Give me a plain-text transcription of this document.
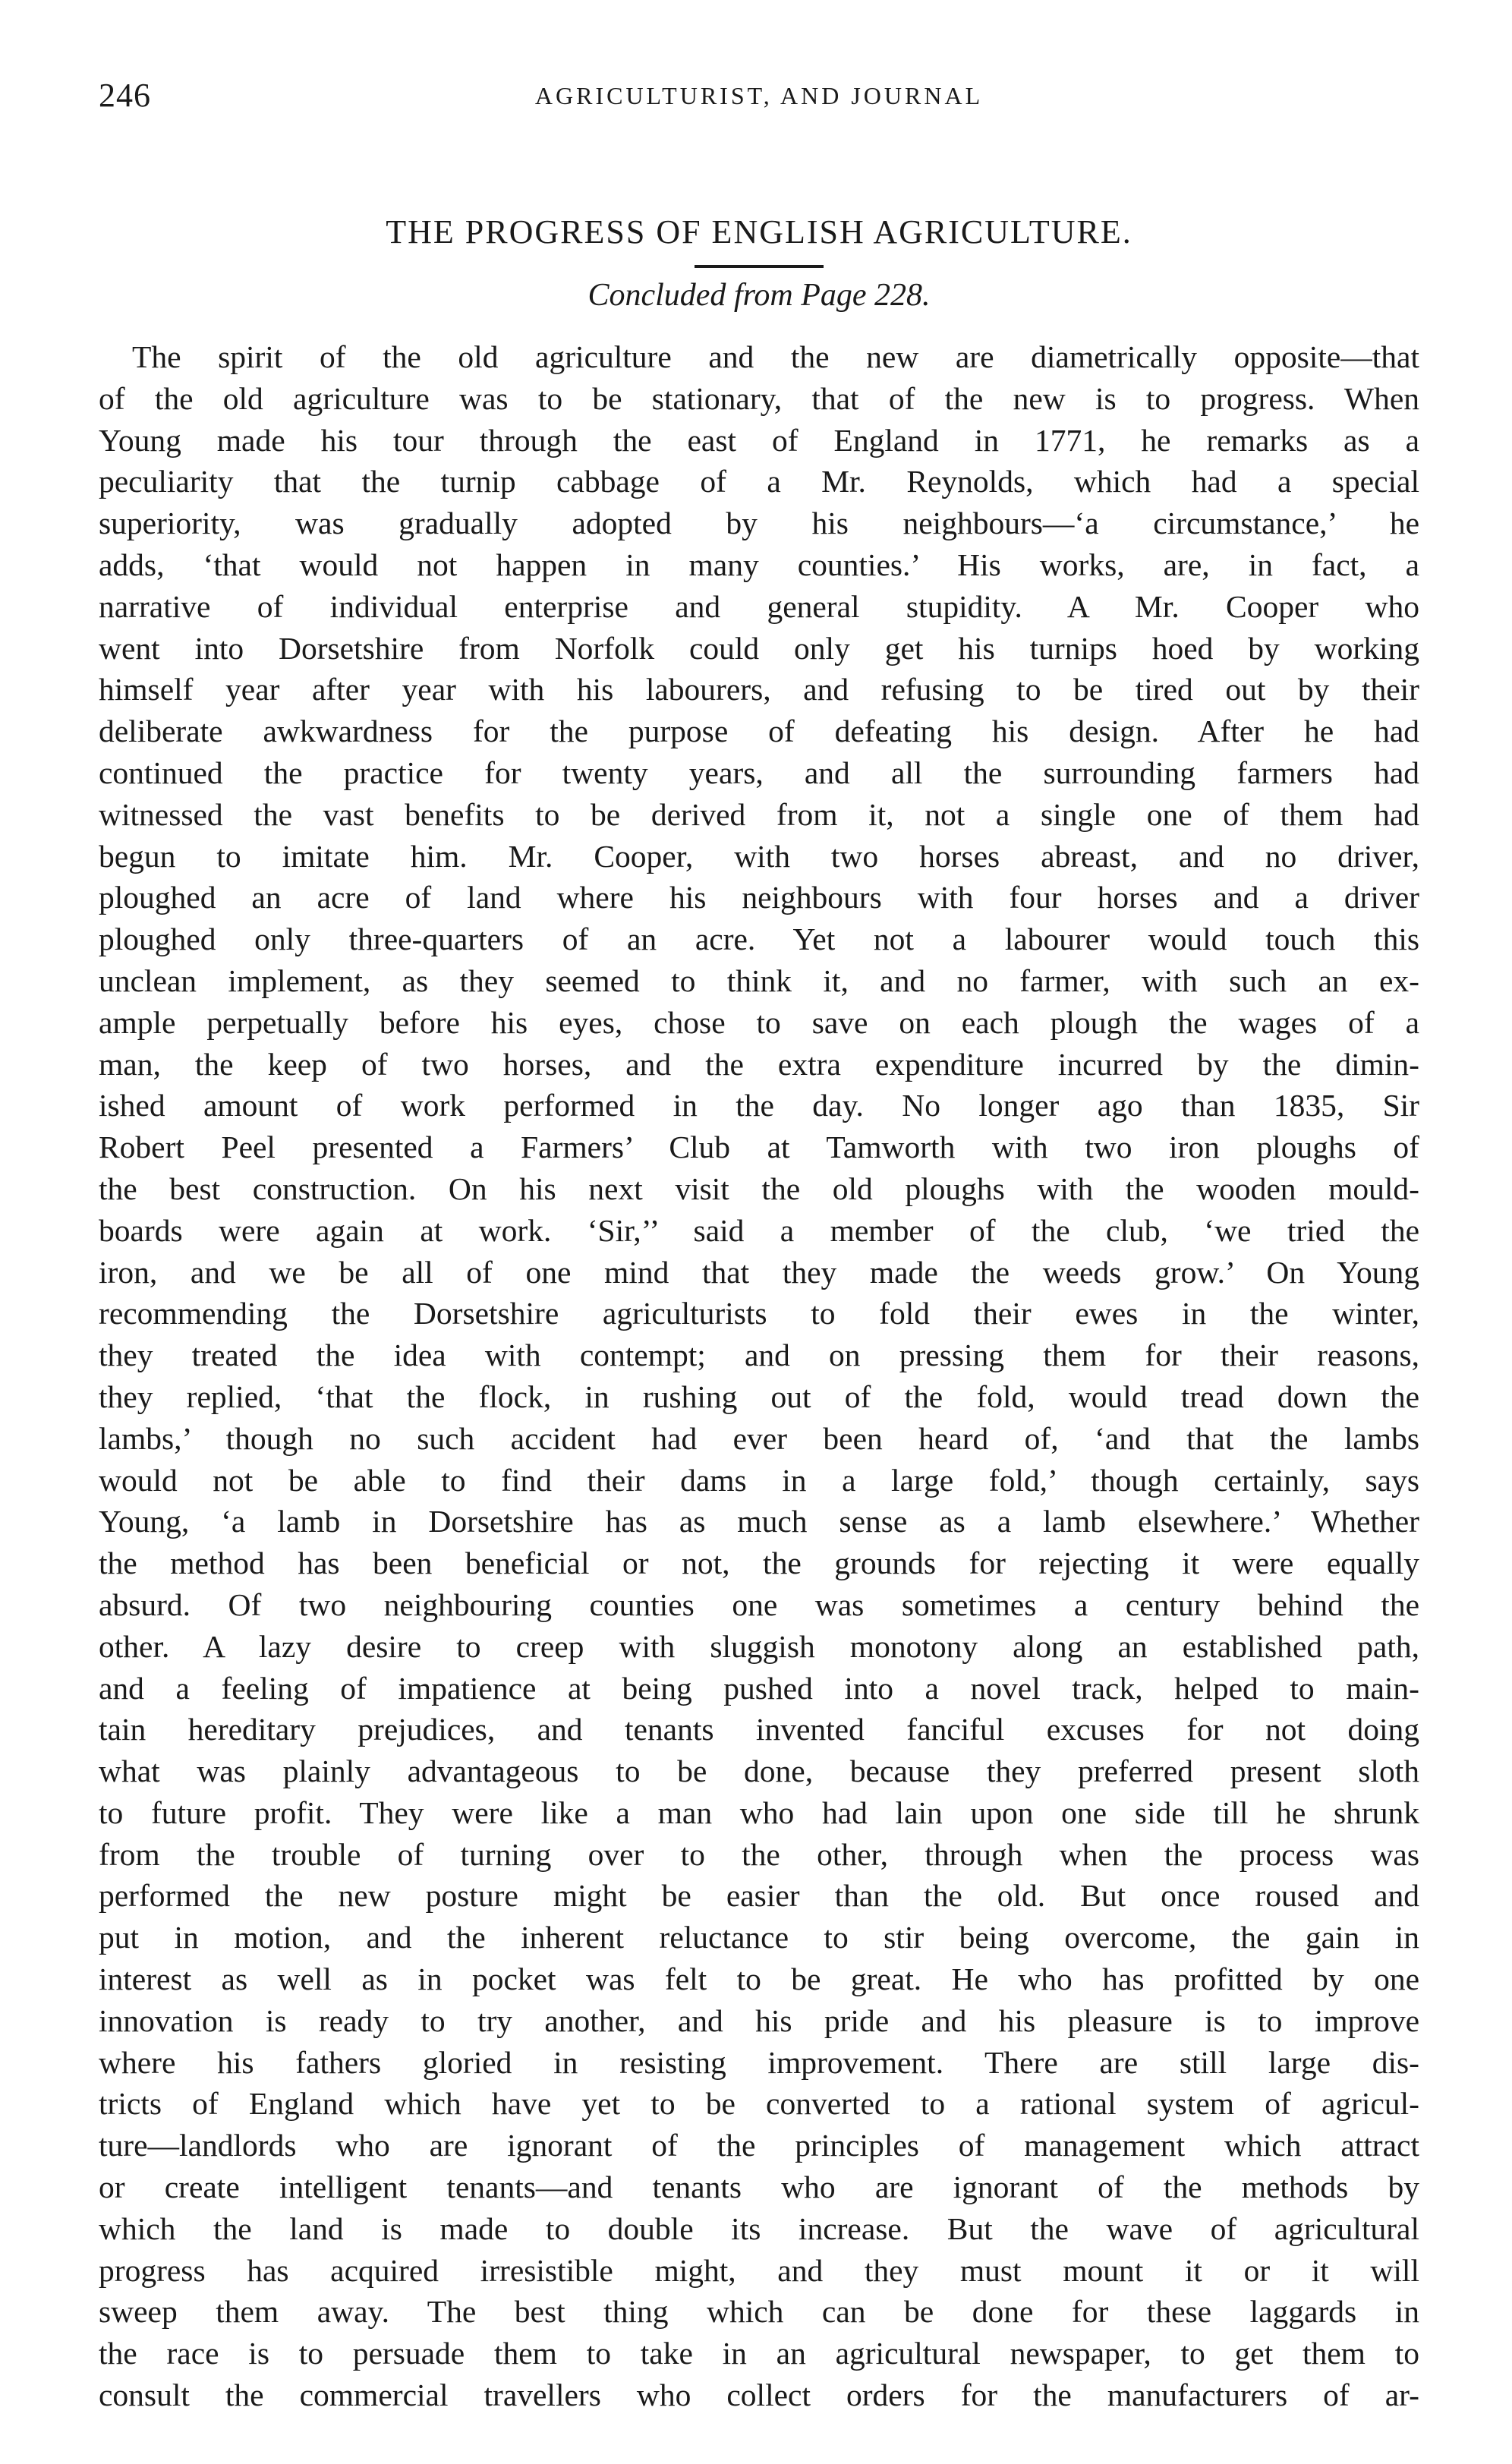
246	AGRICULTURIST, AND JOURNAL
THE PROGRESS OF ENGLISH AGRICULTURE.
Concluded from Page 228.
The spirit of the old agriculture and the new are diametrically opposite—that
of the old agriculture was to be stationary, that of the new is to progress. When
Young made his tour through the east of England in 1771, he remarks as a
peculiarity that the turnip cabbage of a Mr. Reynolds, which had a special
superiority, was gradually adopted by his neighbours—‘a circumstance,’ he
adds, ‘that would not happen in many counties.’ His works, are, in fact, a
narrative of individual enterprise and general stupidity. A Mr. Cooper who
went into Dorsetshire from Norfolk could only get his turnips hoed by working
himself year after year with his labourers, and refusing to be tired out by their
deliberate awkwardness for the purpose of defeating his design. After he had
continued the practice for twenty years, and all the surrounding farmers had
witnessed the vast benefits to be derived from it, not a single one of them had
begun to imitate him. Mr. Cooper, with two horses abreast, and no driver,
ploughed an acre of land where his neighbours with four horses and a driver
ploughed only three-quarters of an acre. Yet not a labourer would touch this
unclean implement, as they seemed to think it, and no farmer, with such an ex-
ample perpetually before his eyes, chose to save on each plough the wages of a
man, the keep of two horses, and the extra expenditure incurred by the dimin-
ished amount of work performed in the day. No longer ago than 1835, Sir
Robert Peel presented a Farmers’ Club at Tamworth with two iron ploughs of
the best construction. On his next visit the old ploughs with the wooden mould-
boards were again at work. ‘Sir,’’ said a member of the club, ‘we tried the
iron, and we be all of one mind that they made the weeds grow.’ On Young
recommending the Dorsetshire agriculturists to fold their ewes in the winter,
they treated the idea with contempt; and on pressing them for their reasons,
they replied, ‘that the flock, in rushing out of the fold, would tread down the
lambs,’ though no such accident had ever been heard of, ‘and that the lambs
would not be able to find their dams in a large fold,’ though certainly, says
Young, ‘a lamb in Dorsetshire has as much sense as a lamb elsewhere.’ Whether
the method has been beneficial or not, the grounds for rejecting it were equally
absurd. Of two neighbouring counties one was sometimes a century behind the
other. A lazy desire to creep with sluggish monotony along an established path,
and a feeling of impatience at being pushed into a novel track, helped to main-
tain hereditary prejudices, and tenants invented fanciful excuses for not doing
what was plainly advantageous to be done, because they preferred present sloth
to future profit. They were like a man who had lain upon one side till he shrunk
from the trouble of turning over to the other, through when the process was
performed the new posture might be easier than the old. But once roused and
put in motion, and the inherent reluctance to stir being overcome, the gain in
interest as well as in pocket was felt to be great. He who has profitted by one
innovation is ready to try another, and his pride and his pleasure is to improve
where his fathers gloried in resisting improvement. There are still large dis-
tricts of England which have yet to be converted to a rational system of agricul-
ture—landlords who are ignorant of the principles of management which attract
or create intelligent tenants—and tenants who are ignorant of the methods by
which the land is made to double its increase. But the wave of agricultural
progress has acquired irresistible might, and they must mount it or it will
sweep them away. The best thing which can be done for these laggards in
the race is to persuade them to take in an agricultural newspaper, to get them to
consult the commercial travellers who collect orders for the manufacturers of ar-
